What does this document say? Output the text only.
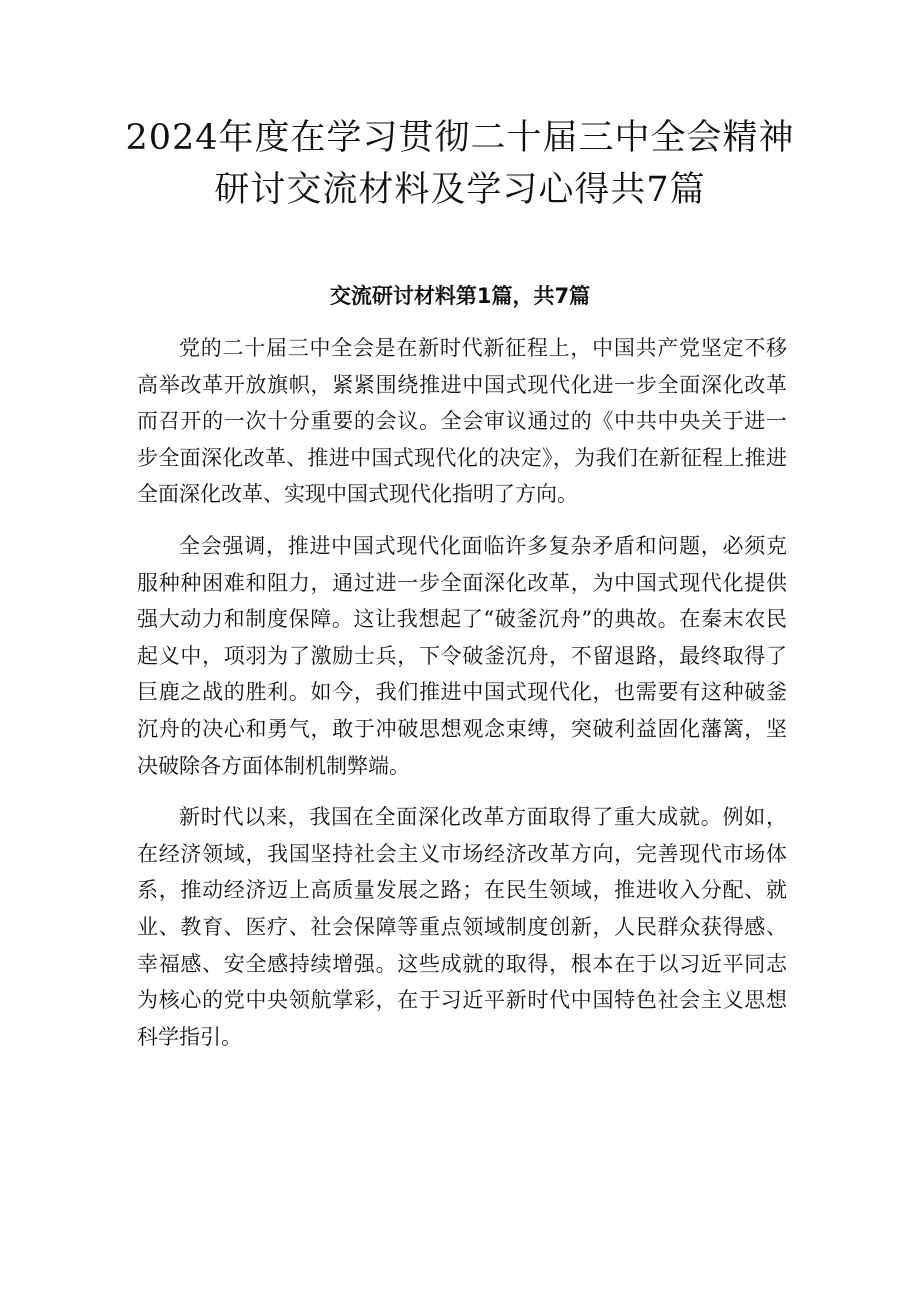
2024年度在学习贯彻二十届三中全会精神
研讨交流材料及学习心得共7篇
交流研讨材料第1篇，共7篇

党的二十届三中全会是在新时代新征程上，中国共产党坚定不移高举改革开放旗帜，紧紧围绕推进中国式现代化进一步全面深化改革而召开的一次十分重要的会议。全会审议通过的《中共中央关于进一步全面深化改革、推进中国式现代化的决定》，为我们在新征程上推进全面深化改革、实现中国式现代化指明了方向。

全会强调，推进中国式现代化面临许多复杂矛盾和问题，必须克服种种困难和阻力，通过进一步全面深化改革，为中国式现代化提供强大动力和制度保障。这让我想起了“破釜沉舟”的典故。在秦末农民起义中，项羽为了激励士兵，下令破釜沉舟，不留退路，最终取得了巨鹿之战的胜利。如今，我们推进中国式现代化，也需要有这种破釜沉舟的决心和勇气，敢于冲破思想观念束缚，突破利益固化藩篱，坚决破除各方面体制机制弊端。

新时代以来，我国在全面深化改革方面取得了重大成就。例如，在经济领域，我国坚持社会主义市场经济改革方向，完善现代市场体系，推动经济迈上高质量发展之路；在民生领域，推进收入分配、就业、教育、医疗、社会保障等重点领域制度创新，人民群众获得感、幸福感、安全感持续增强。这些成就的取得，根本在于以习近平同志为核心的党中央领航掌彩，在于习近平新时代中国特色社会主义思想科学指引。
